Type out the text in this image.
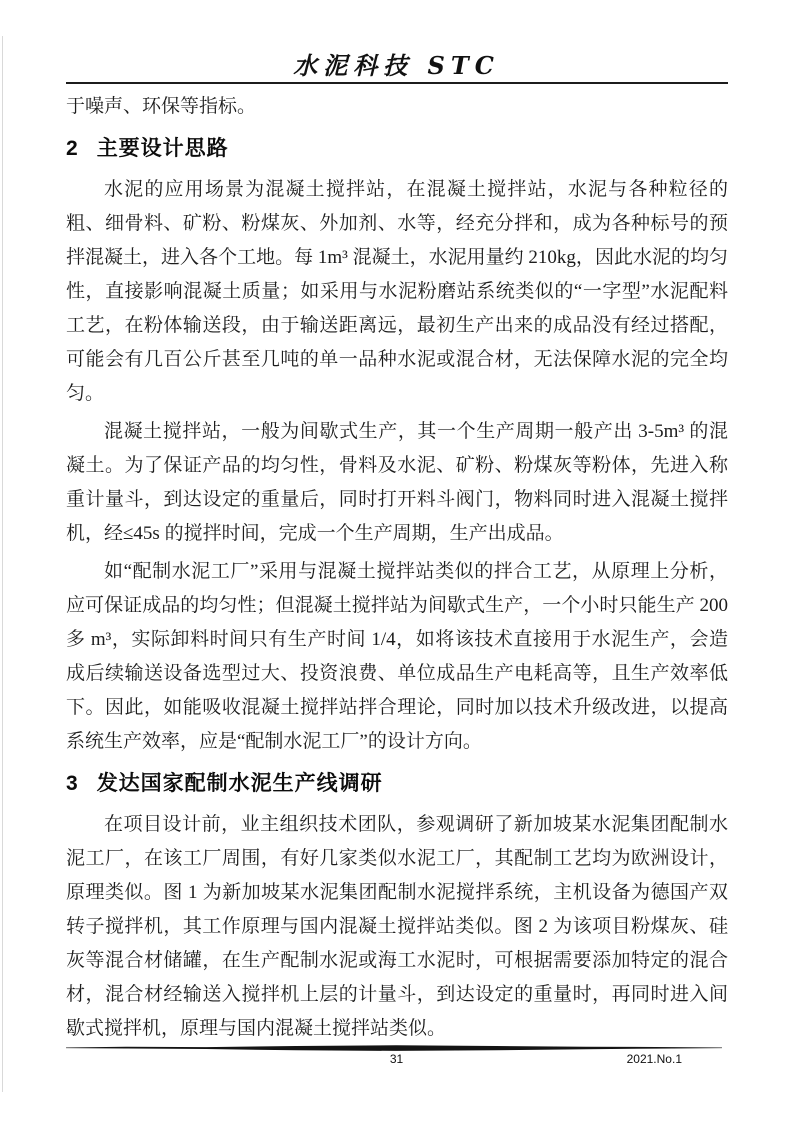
水泥科技 STC

于噪声、环保等指标。

2 主要设计思路

水泥的应用场景为混凝土搅拌站，在混凝土搅拌站，水泥与各种粒径的粗、细骨料、矿粉、粉煤灰、外加剂、水等，经充分拌和，成为各种标号的预拌混凝土，进入各个工地。每 1m³ 混凝土，水泥用量约 210kg，因此水泥的均匀性，直接影响混凝土质量；如采用与水泥粉磨站系统类似的“一字型”水泥配料工艺，在粉体输送段，由于输送距离远，最初生产出来的成品没有经过搭配，可能会有几百公斤甚至几吨的单一品种水泥或混合材，无法保障水泥的完全均匀。

混凝土搅拌站，一般为间歇式生产，其一个生产周期一般产出 3-5m³ 的混凝土。为了保证产品的均匀性，骨料及水泥、矿粉、粉煤灰等粉体，先进入称重计量斗，到达设定的重量后，同时打开料斗阀门，物料同时进入混凝土搅拌机，经≤45s 的搅拌时间，完成一个生产周期，生产出成品。

如“配制水泥工厂”采用与混凝土搅拌站类似的拌合工艺，从原理上分析，应可保证成品的均匀性；但混凝土搅拌站为间歇式生产，一个小时只能生产 200 多 m³，实际卸料时间只有生产时间 1/4，如将该技术直接用于水泥生产，会造成后续输送设备选型过大、投资浪费、单位成品生产电耗高等，且生产效率低下。因此，如能吸收混凝土搅拌站拌合理论，同时加以技术升级改进，以提高系统生产效率，应是“配制水泥工厂”的设计方向。

3 发达国家配制水泥生产线调研

在项目设计前，业主组织技术团队，参观调研了新加坡某水泥集团配制水泥工厂，在该工厂周围，有好几家类似水泥工厂，其配制工艺均为欧洲设计，原理类似。图 1 为新加坡某水泥集团配制水泥搅拌系统，主机设备为德国产双转子搅拌机，其工作原理与国内混凝土搅拌站类似。图 2 为该项目粉煤灰、硅灰等混合材储罐，在生产配制水泥或海工水泥时，可根据需要添加特定的混合材，混合材经输送入搅拌机上层的计量斗，到达设定的重量时，再同时进入间歇式搅拌机，原理与国内混凝土搅拌站类似。

31	2021.No.1
